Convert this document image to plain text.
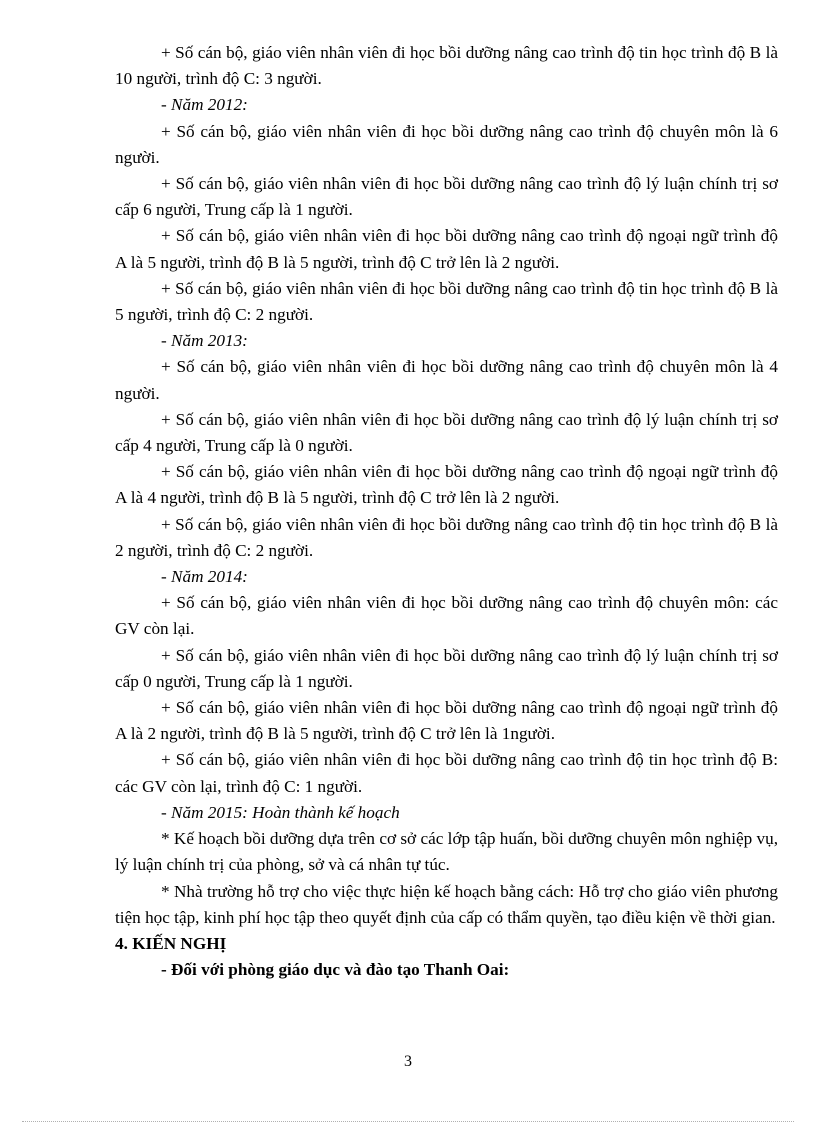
+ Số cán bộ, giáo viên nhân viên đi học bồi dưỡng nâng cao trình độ tin học trình độ B là 10 người, trình độ C: 3 người.

- Năm 2012:

+ Số cán bộ, giáo viên nhân viên đi học bồi dưỡng nâng cao trình độ chuyên môn là 6 người.

+ Số cán bộ, giáo viên nhân viên đi học bồi dưỡng nâng cao trình độ lý luận chính trị sơ cấp 6 người, Trung cấp là 1 người.

+ Số cán bộ, giáo viên nhân viên đi học bồi dưỡng nâng cao trình độ ngoại ngữ trình độ A là 5 người, trình độ B là 5 người, trình độ C trở lên là 2 người.

+ Số cán bộ, giáo viên nhân viên đi học bồi dưỡng nâng cao trình độ tin học trình độ B là 5 người, trình độ C: 2 người.

- Năm 2013:

+ Số cán bộ, giáo viên nhân viên đi học bồi dưỡng nâng cao trình độ chuyên môn là 4 người.

+ Số cán bộ, giáo viên nhân viên đi học bồi dưỡng nâng cao trình độ lý luận chính trị sơ cấp 4 người, Trung cấp là 0 người.

+ Số cán bộ, giáo viên nhân viên đi học bồi dưỡng nâng cao trình độ ngoại ngữ trình độ A là 4 người, trình độ B là 5 người, trình độ C trở lên là 2 người.

+ Số cán bộ, giáo viên nhân viên đi học bồi dưỡng nâng cao trình độ tin học trình độ B là 2 người, trình độ C: 2 người.

- Năm 2014:

+ Số cán bộ, giáo viên nhân viên đi học bồi dưỡng nâng cao trình độ chuyên môn: các GV còn lại.

+ Số cán bộ, giáo viên nhân viên đi học bồi dưỡng nâng cao trình độ lý luận chính trị sơ cấp 0 người, Trung cấp là 1 người.

+ Số cán bộ, giáo viên nhân viên đi học bồi dưỡng nâng cao trình độ ngoại ngữ trình độ A là 2 người, trình độ B là 5 người, trình độ C trở lên là 1người.

+ Số cán bộ, giáo viên nhân viên đi học bồi dưỡng nâng cao trình độ tin học trình độ B: các GV còn lại, trình độ C: 1 người.

- Năm 2015: Hoàn thành kế hoạch

* Kế hoạch bồi dưỡng dựa trên cơ sở các lớp tập huấn, bồi dưỡng chuyên môn nghiệp vụ, lý luận chính trị của phòng, sở và cá nhân tự túc.

* Nhà trường hỗ trợ cho việc thực hiện kế hoạch bằng cách: Hỗ trợ cho giáo viên phương tiện học tập, kinh phí học tập theo quyết định của cấp có thẩm quyền, tạo điều kiện về thời gian.

4. KIẾN NGHỊ

- Đối với phòng giáo dục và đào tạo Thanh Oai:

3
